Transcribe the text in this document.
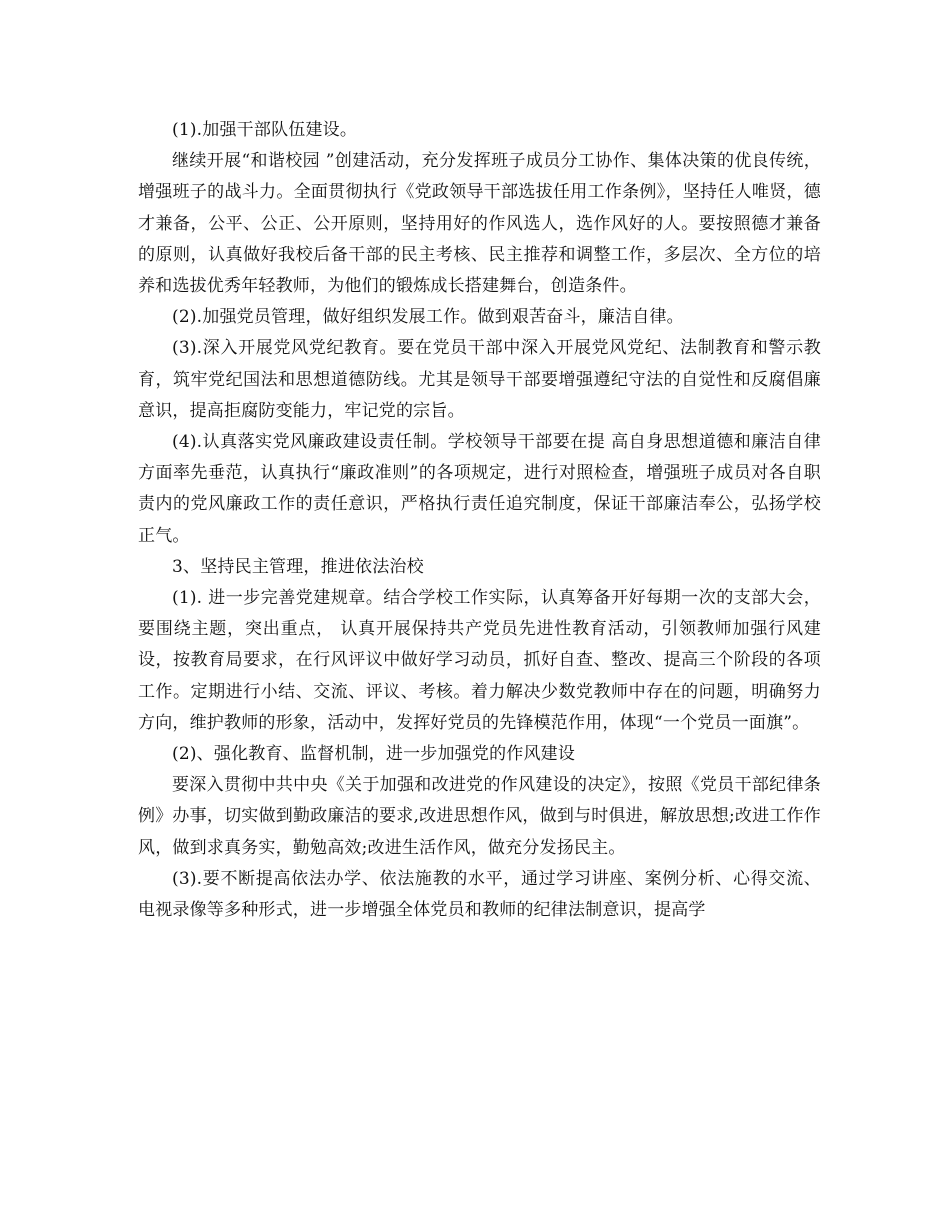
(1).加强干部队伍建设。

继续开展“和谐校园 ”创建活动，充分发挥班子成员分工协作、集体决策的优良传统，增强班子的战斗力。全面贯彻执行《党政领导干部选拔任用工作条例》，坚持任人唯贤，德才兼备，公平、公正、公开原则，坚持用好的作风选人，选作风好的人。要按照德才兼备的原则，认真做好我校后备干部的民主考核、民主推荐和调整工作，多层次、全方位的培养和选拔优秀年轻教师，为他们的锻炼成长搭建舞台，创造条件。

(2).加强党员管理，做好组织发展工作。做到艰苦奋斗，廉洁自律。

(3).深入开展党风党纪教育。要在党员干部中深入开展党风党纪、法制教育和警示教育，筑牢党纪国法和思想道德防线。尤其是领导干部要增强遵纪守法的自觉性和反腐倡廉意识，提高拒腐防变能力，牢记党的宗旨。

(4).认真落实党风廉政建设责任制。学校领导干部要在提 高自身思想道德和廉洁自律方面率先垂范，认真执行“廉政准则”的各项规定，进行对照检查，增强班子成员对各自职责内的党风廉政工作的责任意识，严格执行责任追究制度，保证干部廉洁奉公，弘扬学校正气。

3、坚持民主管理，推进依法治校

(1). 进一步完善党建规章。结合学校工作实际，认真筹备开好每期一次的支部大会，要围绕主题，突出重点， 认真开展保持共产党员先进性教育活动，引领教师加强行风建设，按教育局要求，在行风评议中做好学习动员，抓好自查、整改、提高三个阶段的各项工作。定期进行小结、交流、评议、考核。着力解决少数党教师中存在的问题，明确努力方向，维护教师的形象，活动中，发挥好党员的先锋模范作用，体现“一个党员一面旗”。

(2)、强化教育、监督机制，进一步加强党的作风建设

要深入贯彻中共中央《关于加强和改进党的作风建设的决定》，按照《党员干部纪律条例》办事，切实做到勤政廉洁的要求,改进思想作风，做到与时俱进，解放思想;改进工作作风，做到求真务实，勤勉高效;改进生活作风，做充分发扬民主。

(3).要不断提高依法办学、依法施教的水平，通过学习讲座、案例分析、心得交流、电视录像等多种形式，进一步增强全体党员和教师的纪律法制意识，提高学
